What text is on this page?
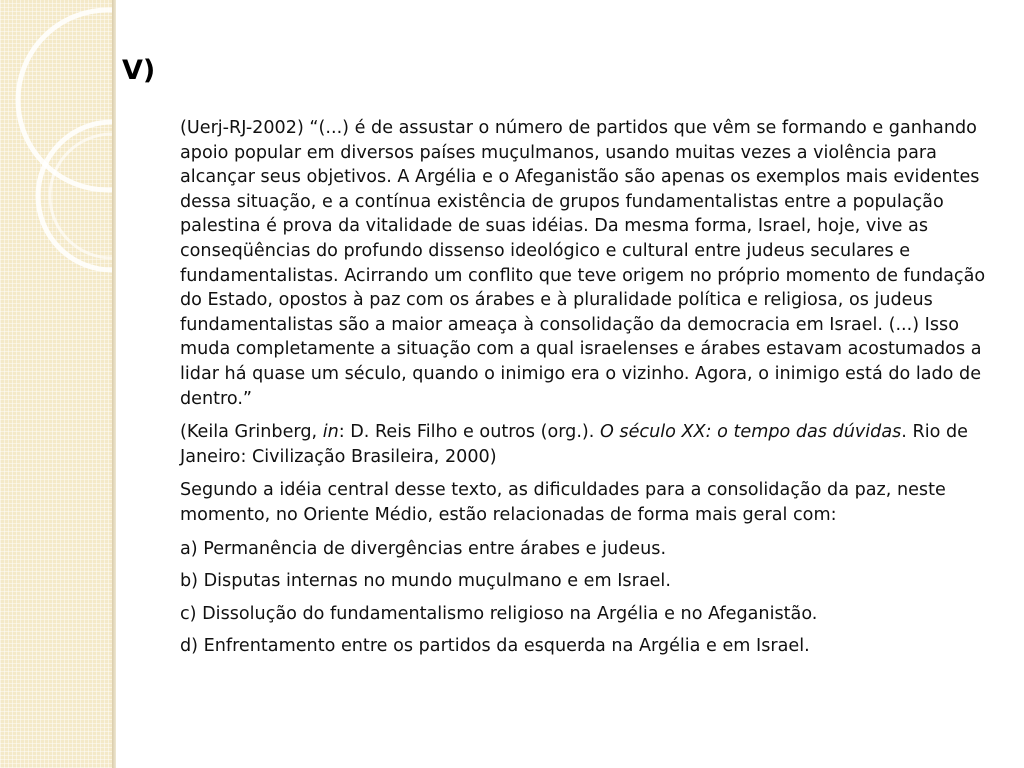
V)

(Uerj-RJ-2002) “(...) é de assustar o número de partidos que vêm se formando e ganhando apoio popular em diversos países muçulmanos, usando muitas vezes a violência para alcançar seus objetivos. A Argélia e o Afeganistão são apenas os exemplos mais evidentes dessa situação, e a contínua existência de grupos fundamentalistas entre a população palestina é prova da vitalidade de suas idéias. Da mesma forma, Israel, hoje, vive as conseqüências do profundo dissenso ideológico e cultural entre judeus seculares e fundamentalistas. Acirrando um conflito que teve origem no próprio momento de fundação do Estado, opostos à paz com os árabes e à pluralidade política e religiosa, os judeus fundamentalistas são a maior ameaça à consolidação da democracia em Israel. (...) Isso muda completamente a situação com a qual israelenses e árabes estavam acostumados a lidar há quase um século, quando o inimigo era o vizinho. Agora, o inimigo está do lado de dentro.”

(Keila Grinberg, in: D. Reis Filho e outros (org.). O século XX: o tempo das dúvidas. Rio de Janeiro: Civilização Brasileira, 2000)

Segundo a idéia central desse texto, as dificuldades para a consolidação da paz, neste momento, no Oriente Médio, estão relacionadas de forma mais geral com:

a) Permanência de divergências entre árabes e judeus.
b) Disputas internas no mundo muçulmano e em Israel.
c) Dissolução do fundamentalismo religioso na Argélia e no Afeganistão.
d) Enfrentamento entre os partidos da esquerda na Argélia e em Israel.
